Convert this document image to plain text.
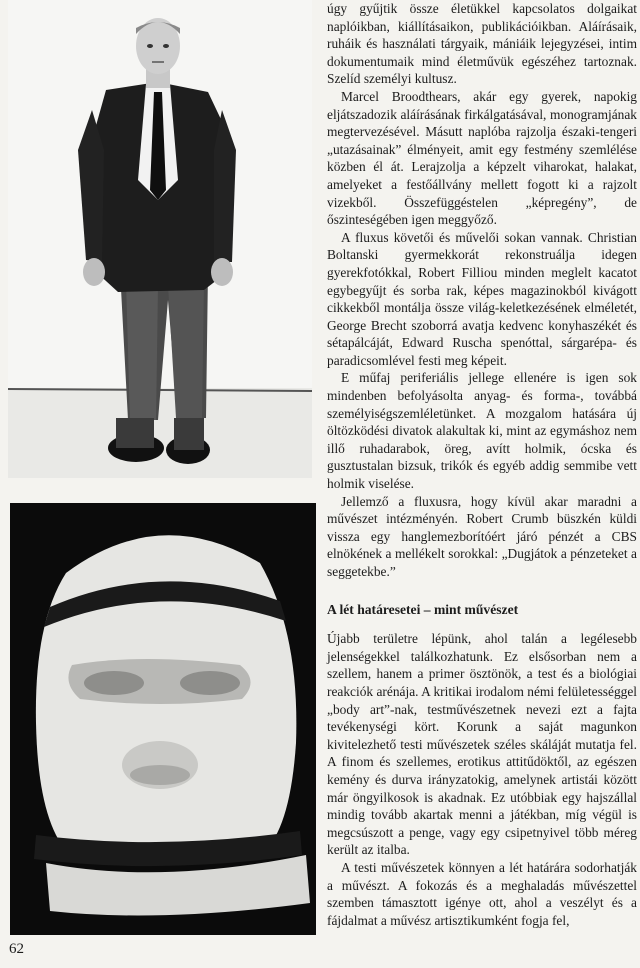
úgy gyűjtik össze életükkel kapcsolatos dolgaikat naplóikban, kiállításaikon, publikációikban. Aláírásaik, ruháik és használati tárgyaik, mániáik lejegyzései, intim dokumentumaik mind életművük egészéhez tartoznak. Szelíd személyi kultusz.

Marcel Broodthears, akár egy gyerek, napokig eljátszadozik aláírásának firkálgatásával, monogramjának megtervezésével. Másutt naplóba rajzolja északi-tengeri „utazásainak” élményeit, amit egy festmény szemlélése közben él át. Lerajzolja a képzelt viharokat, halakat, amelyeket a festőállvány mellett fogott ki a rajzolt vizekből. Összefüggéstelen „képregény”, de őszinteségében igen meggyőző.

A fluxus követői és művelői sokan vannak. Christian Boltanski gyermekkorát rekonstruálja idegen gyerekfotókkal, Robert Filliou minden meglelt kacatot egybegyűjt és sorba rak, képes magazinokból kivágott cikkekből montálja össze világ-keletkezésének elméletét, George Brecht szoborrá avatja kedvenc konyhaszékét és sétapálcáját, Edward Ruscha spenóttal, sárgarépa- és paradicsomlével festi meg képeit.

E műfaj periferiális jellege ellenére is igen sok mindenben befolyásolta anyag- és forma-, továbbá személyiségszemléletünket. A mozgalom hatására új öltözködési divatok alakultak ki, mint az egymáshoz nem illő ruhadarabok, öreg, avítt holmik, ócska és gusztustalan bizsuk, trikók és egyéb addig semmibe vett holmik viselése.

Jellemző a fluxusra, hogy kívül akar maradni a művészet intézményén. Robert Crumb büszkén küldi vissza egy hanglemezborítóért járó pénzét a CBS elnökének a mellékelt sorokkal: „Dugjátok a pénzeteket a seggetekbe.”

A lét határesetei – mint művészet

Újabb területre lépünk, ahol talán a legélesebb jelenségekkel találkozhatunk. Ez elsősorban nem a szellem, hanem a primer ösztönök, a test és a biológiai reakciók arénája. A kritikai irodalom némi felületességgel „body art”-nak, testművészetnek nevezi ezt a fajta tevékenységi kört. Korunk a saját magunkon kivitelezhető testi művészetek széles skáláját mutatja fel. A finom és szellemes, erotikus attitűdöktől, az egészen kemény és durva irányzatokig, amelynek artistái között már öngyilkosok is akadnak. Ez utóbbiak egy hajszállal mindig tovább akartak menni a játékban, míg végül is megcsúszott a penge, vagy egy csipetnyivel több méreg került az italba.

A testi művészetek könnyen a lét határára sodorhatják a művészt. A fokozás és a meghaladás művészettel szemben támasztott igénye ott, ahol a veszélyt és a fájdalmat a művész artisztikumként fogja fel,

62
